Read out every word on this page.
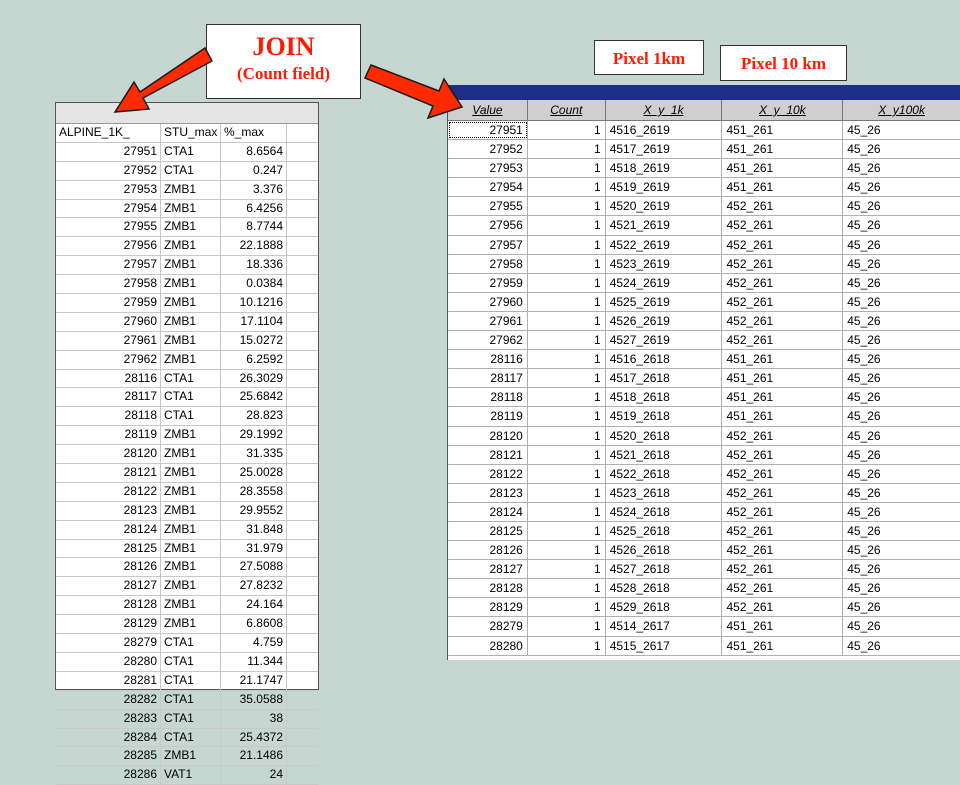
JOIN
(Count field)
Pixel 1km	Pixel 10 km
ALPINE_1K_	STU_max %_max
27951 CTA1	8.6564
27952 CTA1	0.247
27953 ZMB1	3.376
27954 ZMB1	6.4256
27955 ZMB1	8.7744
27956 ZMB1	22.1888
27957 ZMB1	18.336
27958 ZMB1	0.0384
27959 ZMB1	10.1216
27960 ZMB1	17.1104
27961 ZMB1	15.0272
27962 ZMB1	6.2592
28116 CTA1	26.3029
28117 CTA1	25.6842
28118 CTA1	28.823
28119 ZMB1	29.1992
28120 ZMB1	31.335
28121 ZMB1	25.0028
28122 ZMB1	28.3558
28123 ZMB1	29.9552
28124 ZMB1	31.848
28125 ZMB1	31.979
28126 ZMB1	27.5088
28127 ZMB1	27.8232
28128 ZMB1	24.164
28129 ZMB1	6.8608
28279 CTA1	4.759
28280 CTA1	11.344
28281 CTA1	21.1747
28282 CTA1	35.0588
28283 CTA1	38
28284 CTA1	25.4372
28285 ZMB1	21.1486
28286 VAT1	24
Value	Count	X_y_1k	X_y_10k	X_y100k
27951	1 4516_2619	451_261	45_26
27952	1 4517_2619	451_261	45_26
27953	1 4518_2619	451_261	45_26
27954	1 4519_2619	451_261	45_26
27955	1 4520_2619	452_261	45_26
27956	1 4521_2619	452_261	45_26
27957	1 4522_2619	452_261	45_26
27958	1 4523_2619	452_261	45_26
27959	1 4524_2619	452_261	45_26
27960	1 4525_2619	452_261	45_26
27961	1 4526_2619	452_261	45_26
27962	1 4527_2619	452_261	45_26
28116	1 4516_2618	451_261	45_26
28117	1 4517_2618	451_261	45_26
28118	1 4518_2618	451_261	45_26
28119	1 4519_2618	451_261	45_26
28120	1 4520_2618	452_261	45_26
28121	1 4521_2618	452_261	45_26
28122	1 4522_2618	452_261	45_26
28123	1 4523_2618	452_261	45_26
28124	1 4524_2618	452_261	45_26
28125	1 4525_2618	452_261	45_26
28126	1 4526_2618	452_261	45_26
28127	1 4527_2618	452_261	45_26
28128	1 4528_2618	452_261	45_26
28129	1 4529_2618	452_261	45_26
28279	1 4514_2617	451_261	45_26
28280	1 4515_2617	451_261	45_26
